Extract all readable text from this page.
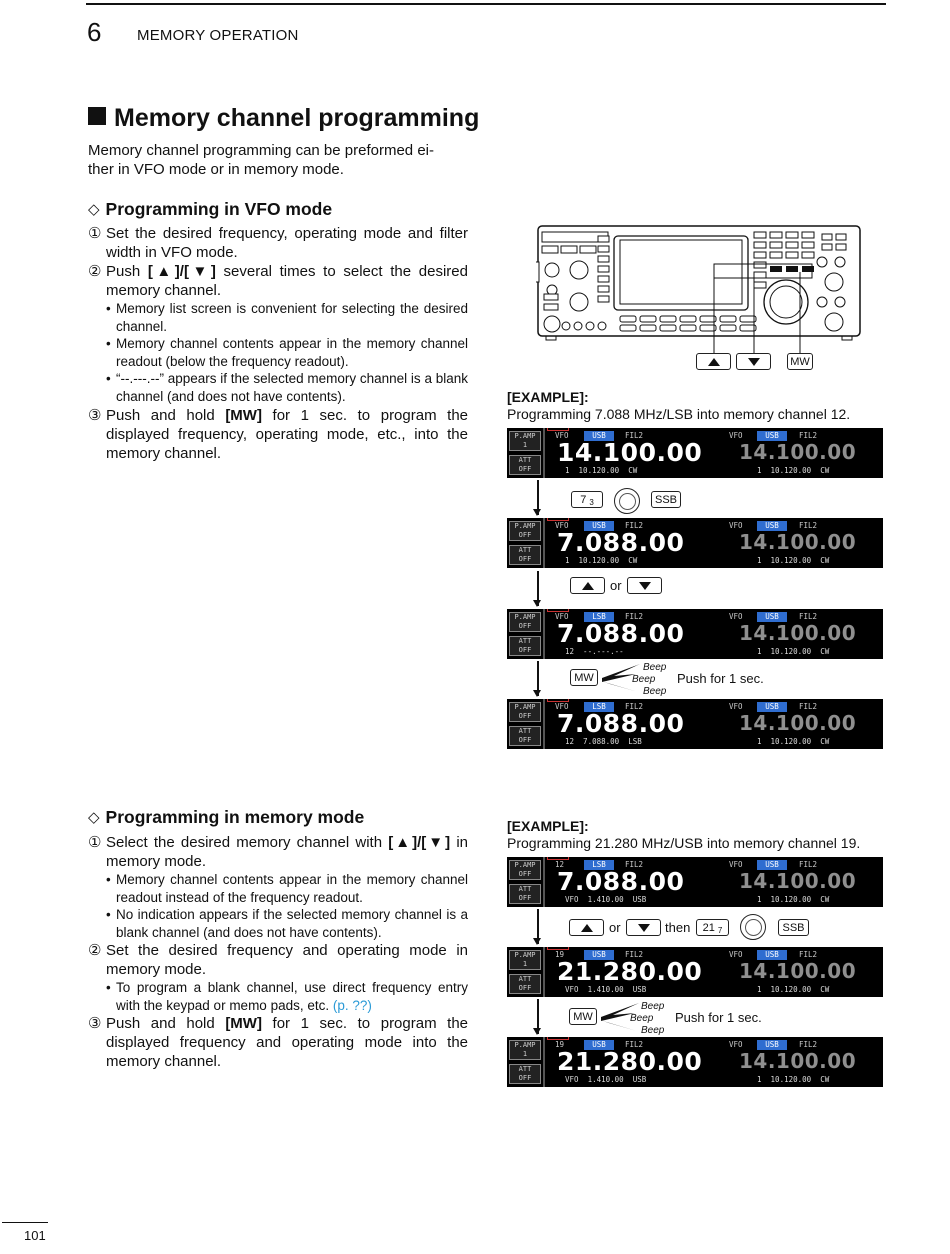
6 MEMORY OPERATION
Memory channel programming
Memory channel programming can be preformed ei-
ther in VFO mode or in memory mode.
◇ Programming in VFO mode
① Set the desired frequency, operating mode and filter width in VFO mode.
② Push [▲]/[▼] several times to select the desired memory channel.
• Memory list screen is convenient for selecting the desired channel.
• Memory channel contents appear in the memory channel readout (below the frequency readout).
• “--.---.--” appears if the selected memory channel is a blank channel (and does not have contents).
③ Push and hold [MW] for 1 sec. to program the displayed frequency, operating mode, etc., into the memory channel.
MW
[EXAMPLE]:
Programming 7.088 MHz/LSB into memory channel 12.
P.AMP
1
ATT
OFF
VFO	USB	FIL2
14.100.00
1  10.120.00  CW
VFO	USB	FIL2
14.100.00
1  10.120.00  CW
P.AMP
OFF
ATT
OFF
VFO	USB	FIL2
7.088.00
1  10.120.00  CW
VFO	USB	FIL2
14.100.00
1  10.120.00  CW
P.AMP
OFF
ATT
OFF
VFO	LSB	FIL2
7.088.00
12  --.---.--
VFO	USB	FIL2
14.100.00
1  10.120.00  CW
P.AMP
OFF
ATT
OFF
VFO	LSB	FIL2
7.088.00
12  7.088.00  LSB
VFO	USB	FIL2
14.100.00
1  10.120.00  CW
P.AMP
OFF
ATT
OFF
12	LSB	FIL2
7.088.00
VFO  1.410.00  USB
VFO	USB	FIL2
14.100.00
1  10.120.00  CW
P.AMP
1
ATT
OFF
19	USB	FIL2
21.280.00
VFO  1.410.00  USB
VFO	USB	FIL2
14.100.00
1  10.120.00  CW
P.AMP
1
ATT
OFF
19	USB	FIL2
21.280.00
VFO  1.410.00  USB
VFO	USB	FIL2
14.100.00
1  10.120.00  CW
7 3	SSB
or
MW
Beep
Beep
Beep
Push for 1 sec.
◇ Programming in memory mode
① Select the desired memory channel with [▲]/[▼] in memory mode.
• Memory channel contents appear in the memory channel readout instead of the frequency readout.
• No indication appears if the selected memory channel is a blank channel (and does not have contents).
② Set the desired frequency and operating mode in memory mode.
• To program a blank channel, use direct frequency entry with the keypad or memo pads, etc. (p. ??)
③ Push and hold [MW] for 1 sec. to program the displayed frequency and operating mode into the memory channel.
[EXAMPLE]:
Programming 21.280 MHz/USB into memory channel 19.
or	then 21 7	SSB
MW
Beep
Beep
Beep
Push for 1 sec.
101
